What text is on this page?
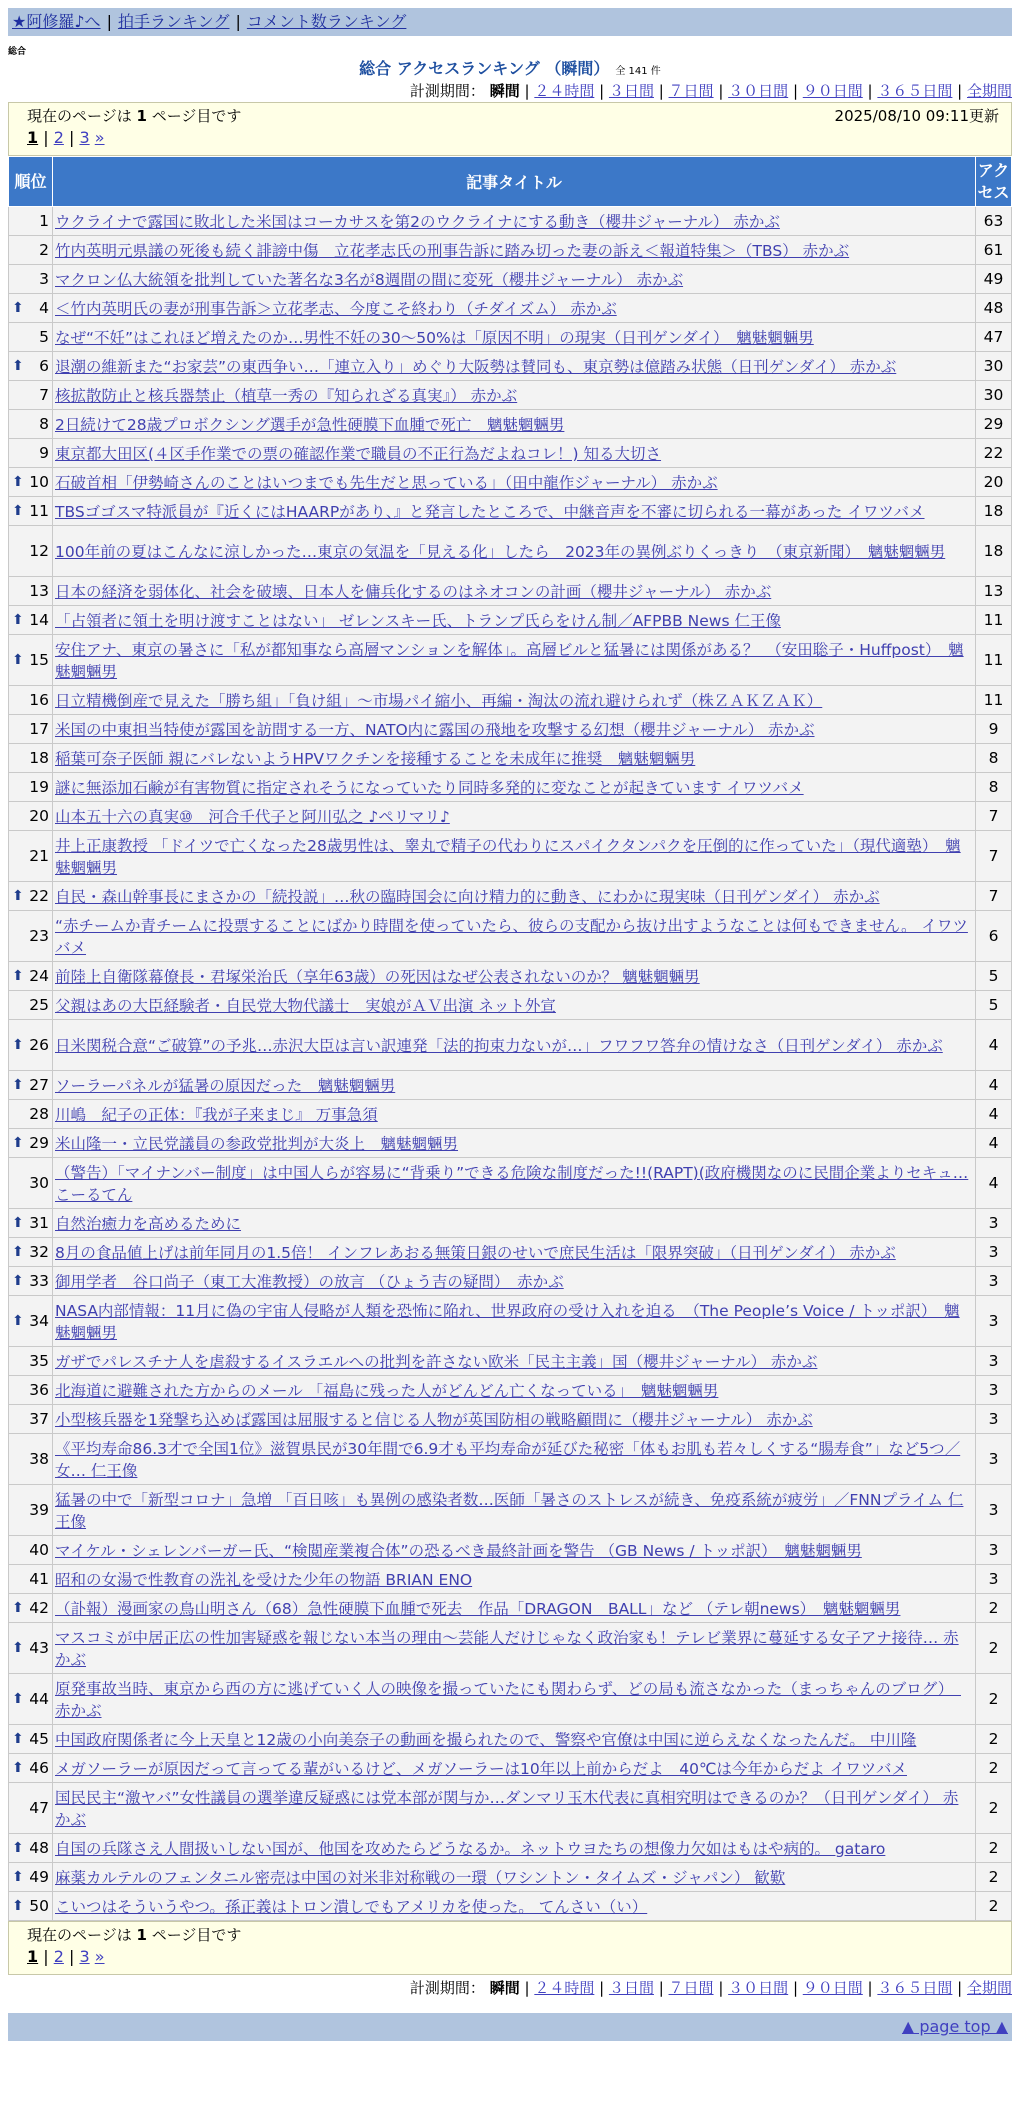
★阿修羅♪へ | 拍手ランキング | コメント数ランキング
総合
総合 アクセスランキング （瞬間） 全 141 件
計測期間： 瞬間 | ２４時間 | ３日間 | ７日間 | ３０日間 | ９０日間 | ３６５日間 | 全期間
現在のページは 1 ページ目です	2025/08/10 09:11更新
1 | 2 | 3 »
順位	記事タイトル	アクセス

1	ウクライナで露国に敗北した米国はコーカサスを第2のウクライナにする動き（櫻井ジャーナル） 赤かぶ	63
2	竹内英明元県議の死後も続く誹謗中傷　立花孝志氏の刑事告訴に踏み切った妻の訴え＜報道特集＞（TBS） 赤かぶ	61
3	マクロン仏大統領を批判していた著名な3名が8週間の間に変死（櫻井ジャーナル） 赤かぶ	49

⬆ 4	＜竹内英明氏の妻が刑事告訴＞立花孝志、今度こそ終わり（チダイズム） 赤かぶ	48
5	なぜ“不妊”はこれほど増えたのか…男性不妊の30～50%は「原因不明」の現実（日刊ゲンダイ）　魑魅魍魎男	47

⬆ 6	退潮の維新また“お家芸”の東西争い…「連立入り」めぐり大阪勢は賛同も、東京勢は億踏み状態（日刊ゲンダイ） 赤かぶ	30
7	核拡散防止と核兵器禁止（植草一秀の『知られざる真実』） 赤かぶ	30
8	2日続けて28歳プロボクシング選手が急性硬膜下血腫で死亡　魑魅魍魎男	29
9	東京都大田区(４区手作業での票の確認作業で職員の不正行為だよねコレ！) 知る大切さ	22

⬆ 10	石破首相「伊勢崎さんのことはいつまでも先生だと思っている」（田中龍作ジャーナル） 赤かぶ	20

⬆ 11	TBSゴゴスマ特派員が『近くにはHAARPがあり、』と発言したところで、中継音声を不審に切られる一幕があった イワツバメ	18
12	100年前の夏はこんなに涼しかった…東京の気温を「見える化」したら　2023年の異例ぶりくっきり　（東京新聞）　魑魅魍魎男	18
13	日本の経済を弱体化、社会を破壊、日本人を傭兵化するのはネオコンの計画（櫻井ジャーナル） 赤かぶ	13

⬆ 14	「占領者に領土を明け渡すことはない」 ゼレンスキー氏、トランプ氏らをけん制／AFPBB News 仁王像	11

⬆ 15	安住アナ、東京の暑さに「私が都知事なら高層マンションを解体」。高層ビルと猛暑には関係がある？　（安田聡子・Huffpost）　魑魅魍魎男	11
16	日立精機倒産で見えた「勝ち組」「負け組」～市場パイ縮小、再編・淘汰の流れ避けられず（株ＺＡＫＺＡＫ）	11
17	米国の中東担当特使が露国を訪問する一方、NATO内に露国の飛地を攻撃する幻想（櫻井ジャーナル） 赤かぶ	9
18	稲葉可奈子医師 親にバレないようHPVワクチンを接種することを未成年に推奨　魑魅魍魎男	8
19	謎に無添加石鹸が有害物質に指定されそうになっていたり同時多発的に変なことが起きています イワツバメ	8
20	山本五十六の真実⑩　河合千代子と阿川弘之 ♪ペリマリ♪	7
21	井上正康教授 「ドイツで亡くなった28歳男性は、睾丸で精子の代わりにスパイクタンパクを圧倒的に作っていた」（現代適塾）　魑魅魍魎男	7

⬆ 22	自民・森山幹事長にまさかの「続投説」…秋の臨時国会に向け精力的に動き、にわかに現実味（日刊ゲンダイ） 赤かぶ	7
23	“赤チームか青チームに投票することにばかり時間を使っていたら、彼らの支配から抜け出すようなことは何もできません。 イワツバメ	6

⬆ 24	前陸上自衛隊幕僚長・君塚栄治氏（享年63歳）の死因はなぜ公表されないのか？ 魑魅魍魎男	5
25	父親はあの大臣経験者・自民党大物代議士　実娘がＡＶ出演 ネット外宣	5

⬆ 26	日米関税合意“ご破算”の予兆…赤沢大臣は言い訳連発「法的拘束力ないが…」フワフワ答弁の情けなさ（日刊ゲンダイ） 赤かぶ	4

⬆ 27	ソーラーパネルが猛暑の原因だった　魑魅魍魎男	4
28	川嶋　紀子の正体：『我が子来まじ』 万事急須	4

⬆ 29	米山隆一・立民党議員の参政党批判が大炎上　魑魅魍魎男	4
30	（警告）「マイナンバー制度」は中国人らが容易に“背乗り”できる危険な制度だった!!(RAPT)(政府機関なのに民間企業よりセキュ… こーるてん	4

⬆ 31	自然治癒力を高めるために	3

⬆ 32	8月の食品値上げは前年同月の1.5倍！ インフレあおる無策日銀のせいで庶民生活は「限界突破」（日刊ゲンダイ） 赤かぶ	3

⬆ 33	御用学者　谷口尚子（東工大准教授）の放言 （ひょう吉の疑問）　赤かぶ	3

⬆ 34	NASA内部情報：11月に偽の宇宙人侵略が人類を恐怖に陥れ、世界政府の受け入れを迫る　（The People’s Voice / トッポ訳）　魑魅魍魎男	3
35	ガザでパレスチナ人を虐殺するイスラエルへの批判を許さない欧米「民主主義」国（櫻井ジャーナル） 赤かぶ	3
36	北海道に避難された方からのメール 「福島に残った人がどんどん亡くなっている」　魑魅魍魎男	3
37	小型核兵器を1発撃ち込めば露国は屈服すると信じる人物が英国防相の戦略顧問に（櫻井ジャーナル） 赤かぶ	3
38	《平均寿命86.3才で全国1位》滋賀県民が30年間で6.9才も平均寿命が延びた秘密「体もお肌も若々しくする“腸寿食”」など5つ／女… 仁王像	3
39	猛暑の中で「新型コロナ」急増 「百日咳」も異例の感染者数…医師「暑さのストレスが続き、免疫系統が疲労」／FNNプライム 仁王像	3
40	マイケル・シェレンバーガー氏、“検閲産業複合体”の恐るべき最終計画を警告 （GB News / トッポ訳）　魑魅魍魎男	3
41	昭和の女湯で性教育の洗礼を受けた少年の物語 BRIAN ENO	3

⬆ 42	（訃報）漫画家の鳥山明さん（68）急性硬膜下血腫で死去　作品「DRAGON　BALL」など （テレ朝news）　魑魅魍魎男	2

⬆ 43	マスコミが中居正広の性加害疑惑を報じない本当の理由～芸能人だけじゃなく政治家も！テレビ業界に蔓延する女子アナ接待… 赤かぶ	2

⬆ 44	原発事故当時、東京から西の方に逃げていく人の映像を撮っていたにも関わらず、どの局も流さなかった（まっちゃんのブログ）　赤かぶ	2

⬆ 45	中国政府関係者に今上天皇と12歳の小向美奈子の動画を撮られたので、警察や官僚は中国に逆らえなくなったんだ。 中川隆	2

⬆ 46	メガソーラーが原因だって言ってる輩がいるけど、メガソーラーは10年以上前からだよ　40℃は今年からだよ イワツバメ	2
47	国民民主“激ヤバ”女性議員の選挙違反疑惑には党本部が関与か…ダンマリ玉木代表に真相究明はできるのか？（日刊ゲンダイ） 赤かぶ	2

⬆ 48	自国の兵隊さえ人間扱いしない国が、他国を攻めたらどうなるか。ネットウヨたちの想像力欠如はもはや病的。 gataro	2

⬆ 49	麻薬カルテルのフェンタニル密売は中国の対米非対称戦の一環（ワシントン・タイムズ・ジャパン） 歓歎	2

⬆ 50	こいつはそういうやつ。孫正義はトロン潰しでもアメリカを使った。 てんさい（い）	2
現在のページは 1 ページ目です
1 | 2 | 3 »
計測期間： 瞬間 | ２４時間 | ３日間 | ７日間 | ３０日間 | ９０日間 | ３６５日間 | 全期間
▲ page top ▲
